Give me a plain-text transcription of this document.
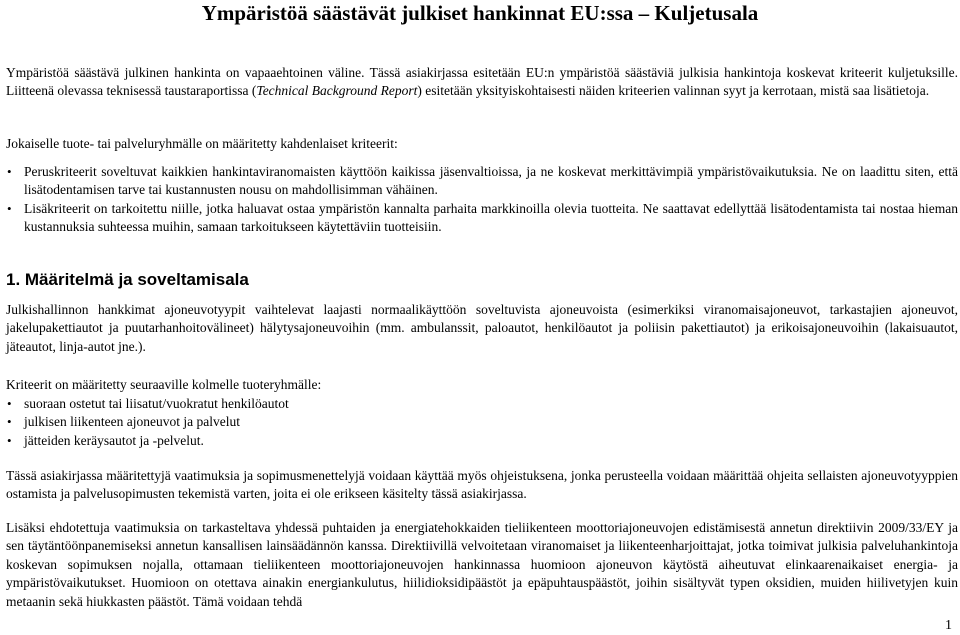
Ympäristöä säästävät julkiset hankinnat EU:ssa – Kuljetusala

Ympäristöä säästävä julkinen hankinta on vapaaehtoinen väline. Tässä asiakirjassa esitetään EU:n ympäristöä säästäviä julkisia hankintoja koskevat kriteerit kuljetuksille. Liitteenä olevassa teknisessä taustaraportissa (Technical Background Report) esitetään yksityiskohtaisesti näiden kriteerien valinnan syyt ja kerrotaan, mistä saa lisätietoja.

Jokaiselle tuote- tai palveluryhmälle on määritetty kahdenlaiset kriteerit:

• Peruskriteerit soveltuvat kaikkien hankintaviranomaisten käyttöön kaikissa jäsenvaltioissa, ja ne koskevat merkittävimpiä ympäristövaikutuksia. Ne on laadittu siten, että lisätodentamisen tarve tai kustannusten nousu on mahdollisimman vähäinen.
• Lisäkriteerit on tarkoitettu niille, jotka haluavat ostaa ympäristön kannalta parhaita markkinoilla olevia tuotteita. Ne saattavat edellyttää lisätodentamista tai nostaa hieman kustannuksia suhteessa muihin, samaan tarkoitukseen käytettäviin tuotteisiin.
1. Määritelmä ja soveltamisala

Julkishallinnon hankkimat ajoneuvotyypit vaihtelevat laajasti normaalikäyttöön soveltuvista ajoneuvoista (esimerkiksi viranomaisajoneuvot, tarkastajien ajoneuvot, jakelupakettiautot ja puutarhanhoitovälineet) hälytysajoneuvoihin (mm. ambulanssit, paloautot, henkilöautot ja poliisin pakettiautot) ja erikoisajoneuvoihin (lakaisuautot, jäteautot, linja-autot jne.).

Kriteerit on määritetty seuraaville kolmelle tuoteryhmälle:

• suoraan ostetut tai liisatut/vuokratut henkilöautot
• julkisen liikenteen ajoneuvot ja palvelut
• jätteiden keräysautot ja -pelvelut.

Tässä asiakirjassa määritettyjä vaatimuksia ja sopimusmenettelyjä voidaan käyttää myös ohjeistuksena, jonka perusteella voidaan määrittää ohjeita sellaisten ajoneuvotyyppien ostamista ja palvelusopimusten tekemistä varten, joita ei ole erikseen käsitelty tässä asiakirjassa.

Lisäksi ehdotettuja vaatimuksia on tarkasteltava yhdessä puhtaiden ja energiatehokkaiden tieliikenteen moottoriajoneuvojen edistämisestä annetun direktiivin 2009/33/EY ja sen täytäntöönpanemiseksi annetun kansallisen lainsäädännön kanssa. Direktiivillä velvoitetaan viranomaiset ja liikenteenharjoittajat, jotka toimivat julkisia palveluhankintoja koskevan sopimuksen nojalla, ottamaan tieliikenteen moottoriajoneuvojen hankinnassa huomioon ajoneuvon käytöstä aiheutuvat elinkaarenaikaiset energia- ja ympäristövaikutukset. Huomioon on otettava ainakin energiankulutus, hiilidioksidipäästöt ja epäpuhtauspäästöt, joihin sisältyvät typen oksidien, muiden hiilivetyjen kuin metaanin sekä hiukkasten päästöt. Tämä voidaan tehdä

1
